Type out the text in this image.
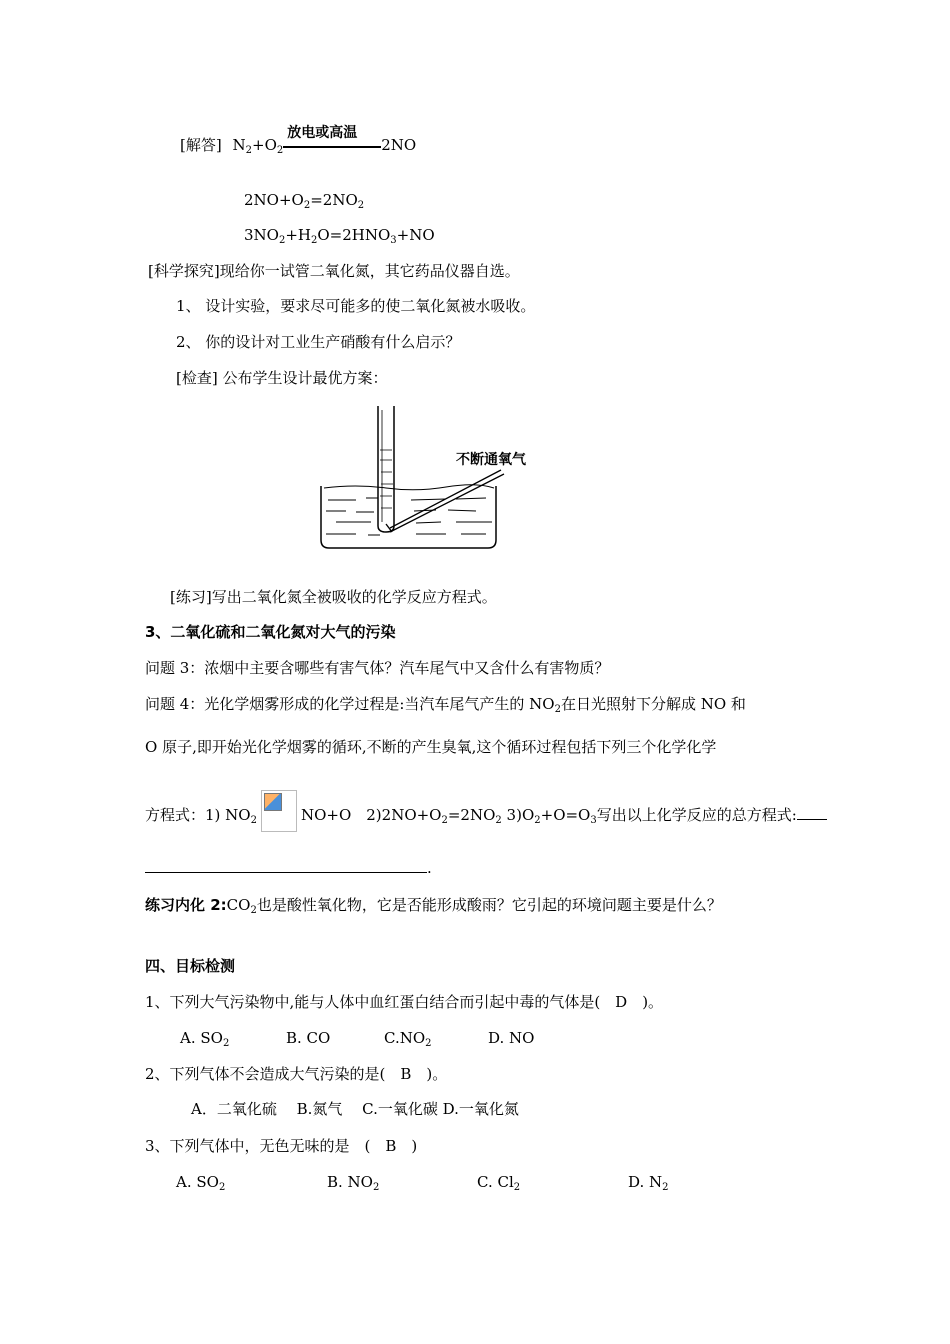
[解答] $N_2+O_2$
放电或高温
2NO
$2NO+O_2=2NO_2$
$3NO_2+H_2O=2HNO_3+NO$
[科学探究]现给你一试管二氧化氮，其它药品仪器自选。
1、 设计实验，要求尽可能多的使二氧化氮被水吸收。
2、 你的设计对工业生产硝酸有什么启示？
[检查] 公布学生设计最优方案：
不断通氧气
[练习]写出二氧化氮全被吸收的化学反应方程式。
3、二氧化硫和二氧化氮对大气的污染
问题 3：浓烟中主要含哪些有害气体？汽车尾气中又含什么有害物质？
问题 4：光化学烟雾形成的化学过程是:当汽车尾气产生的 $NO_2$在日光照射下分解成 NO 和
O 原子,即开始光化学烟雾的循环,不断的产生臭氧,这个循环过程包括下列三个化学化学
方程式：1) $NO_2$	NO+O　$2)2NO+O_2=2NO_2$ $3)O_2+O=O_3$写出以上化学反应的总方程式:
.
练习内化 $2:CO_2$也是酸性氧化物，它是否能形成酸雨？它引起的环境问题主要是什么？
四、目标检测
1、下列大气污染物中,能与人体中血红蛋白结合而引起中毒的气体是(　D　)。
A. $SO_2$	B. CO	$C.NO_2$	D. NO
2、下列气体不会造成大气污染的是(　B　)。
A．二氧化硫　 B.氮气　 C.一氧化碳 D.一氧化氮
3、下列气体中，无色无味的是　(　B　)
A. $SO_2$	B. $NO_2$	C. $Cl_2$	D. $N_2$
